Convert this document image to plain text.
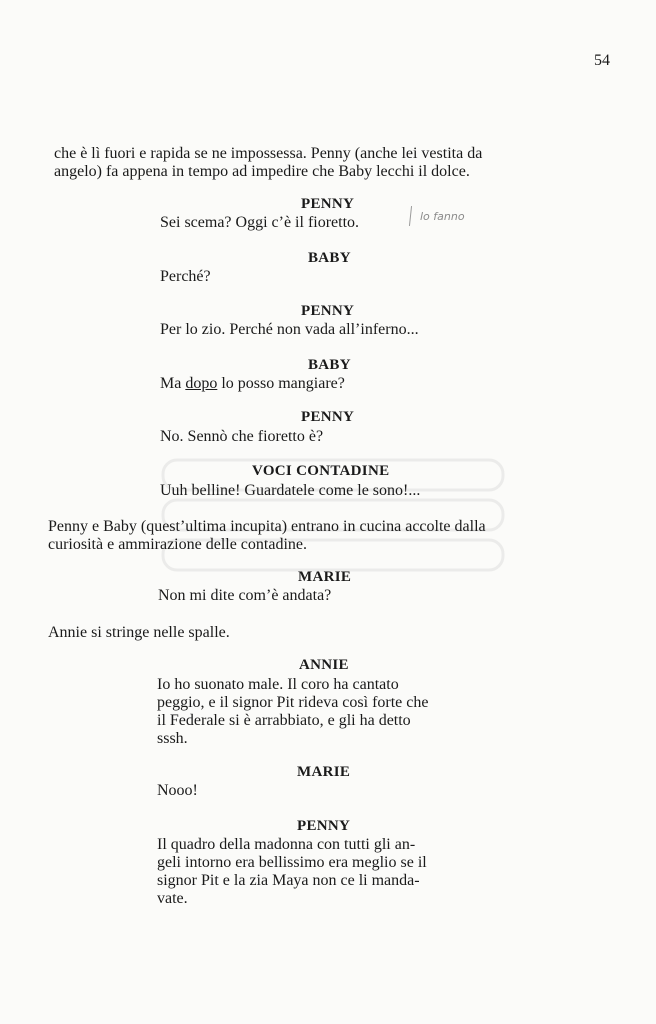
54
che è lì fuori e rapida se ne impossessa. Penny (anche lei vestita da
angelo) fa appena in tempo ad impedire che Baby lecchi il dolce.
PENNY
Sei scema? Oggi c’è il fioretto.	lo fanno
BABY
Perché?
PENNY
Per lo zio. Perché non vada all’inferno...
BABY
Ma dopo lo posso mangiare?
PENNY
No. Sennò che fioretto è?
VOCI CONTADINE
Uuh belline! Guardatele come le sono!...
Penny e Baby (quest’ultima incupita) entrano in cucina accolte dalla
curiosità e ammirazione delle contadine.
MARIE
Non mi dite com’è andata?
Annie si stringe nelle spalle.
ANNIE
Io ho suonato male. Il coro ha cantato
peggio, e il signor Pit rideva così forte che
il Federale si è arrabbiato, e gli ha detto
sssh.
MARIE
Nooo!
PENNY
Il quadro della madonna con tutti gli an-
geli intorno era bellissimo era meglio se il
signor Pit e la zia Maya non ce li manda-
vate.
